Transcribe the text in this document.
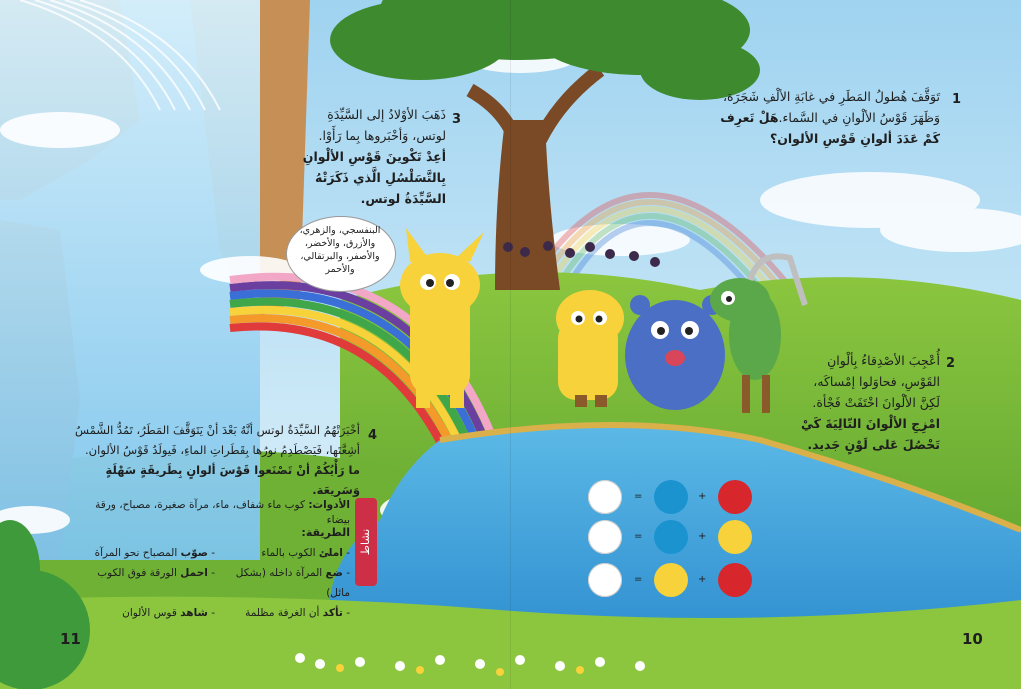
1
تَوَقَّفَ هُطولُ المَطَرِ في غابَةِ الألْفِ شَجَرَة،
وَظَهَرَ قَوْسُ الألْوانِ في السَّماء.هَلْ تَعرِف
كَمْ عَدَدَ ألوانِ قَوْسِ الألوان؟
2
أُعْجِبَ الأصْدِقاءُ بِألْوانِ
القَوْسِ، فحاوَلوا إمْساكَه،
لَكِنَّ الألْوانَ اخْتَفَتْ فَجْأة.
امْزِجِ الألْوانَ التّالِيَةَ كَيْ
تَحْصُلَ عَلى لَوْنٍ جَديد.
3
ذَهَبَ الأوْلادُ إلى السَّيِّدَةِ
لوتس، وَأخْبَروها بِما رَأَوْا.
أعِدْ تَكْوينَ قَوْسِ الألْوانِ
بِالتَّسَلْسُلِ الَّذي ذَكَرَتْهُ
السَّيِّدَةُ لوتس.
البنفسجي، والزهري،
والأزرق، والأخضر،
والأصفر، والبرتقالي،
والأحمر
4
أخْبَرَتْهُمُ السَّيِّدَةُ لوتس أنَّهُ بَعْدَ أنْ يَتَوَقَّفَ المَطَرُ، تَمُدُّ الشَّمْسُ
أشِعَّتَها، فَيَصْطَدِمُ نورُها بِقَطَراتِ الماءِ، فَيولَدُ قَوْسُ الألوان.
ما رَأْيُكُمْ أنْ تَصْنَعوا قَوْسَ ألوانٍ بِطَريقَةٍ سَهْلَةٍ وَسَريعَة.
نشاط
الأدوات: كوب ماء شفاف، ماء، مرآة صغيرة، مصباح، ورقة بيضاء
الطريقة:
- املئ الكوب بالماء
- صوّب المصباح نحو المرآة
- ضع المرآة داخله (بشكل مائل)
- احمل الورقة فوق الكوب
- تأكد أن الغرفة مظلمة
- شاهد قوس الألوان
=	+
=	+
=	+
11	10
